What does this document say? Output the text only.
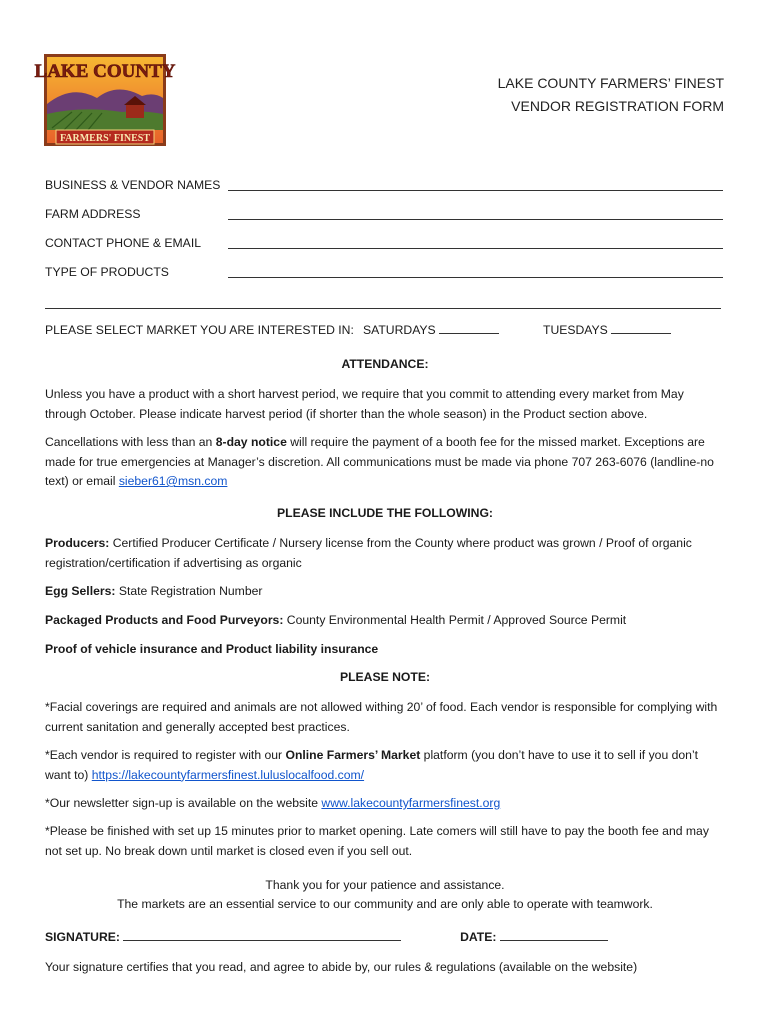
LAKE COUNTY
FARMERS' FINEST
LAKE COUNTY FARMERS’ FINEST
VENDOR REGISTRATION FORM
BUSINESS & VENDOR NAMES
FARM ADDRESS
CONTACT PHONE & EMAIL
TYPE OF PRODUCTS
PLEASE SELECT MARKET YOU ARE INTERESTED IN: SATURDAYS	TUESDAYS
ATTENDANCE:
Unless you have a product with a short harvest period, we require that you commit to attending every market from May through October. Please indicate harvest period (if shorter than the whole season) in the Product section above.
Cancellations with less than an 8-day notice will require the payment of a booth fee for the missed market. Exceptions are made for true emergencies at Manager’s discretion. All communications must be made via phone 707 263-6076 (landline-no text) or email sieber61@msn.com
PLEASE INCLUDE THE FOLLOWING:
Producers: Certified Producer Certificate / Nursery license from the County where product was grown / Proof of organic registration/certification if advertising as organic
Egg Sellers: State Registration Number
Packaged Products and Food Purveyors: County Environmental Health Permit / Approved Source Permit
Proof of vehicle insurance and Product liability insurance
PLEASE NOTE:
*Facial coverings are required and animals are not allowed withing 20’ of food. Each vendor is responsible for complying with current sanitation and generally accepted best practices.
*Each vendor is required to register with our Online Farmers’ Market platform (you don’t have to use it to sell if you don’t want to) https://lakecountyfarmersfinest.luluslocalfood.com/
*Our newsletter sign-up is available on the website www.lakecountyfarmersfinest.org
*Please be finished with set up 15 minutes prior to market opening. Late comers will still have to pay the booth fee and may not set up. No break down until market is closed even if you sell out.
Thank you for your patience and assistance.
The markets are an essential service to our community and are only able to operate with teamwork.
SIGNATURE:	DATE:
Your signature certifies that you read, and agree to abide by, our rules & regulations (available on the website)
